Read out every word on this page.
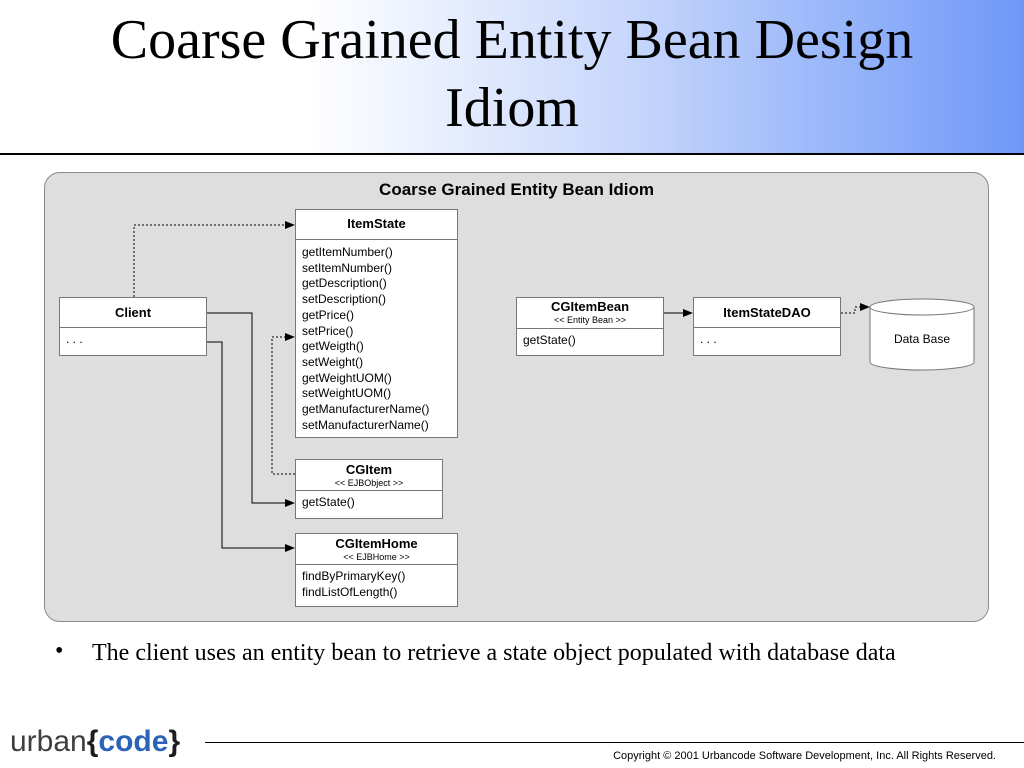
Coarse Grained Entity Bean Design
Idiom
Coarse Grained Entity Bean Idiom
Data Base
Client
. . .
ItemState
getItemNumber()
setItemNumber()
getDescription()
setDescription()
getPrice()
setPrice()
getWeigth()
setWeight()
getWeightUOM()
setWeightUOM()
getManufacturerName()
setManufacturerName()
CGItem
<< EJBObject >>
getState()
CGItemHome
<< EJBHome >>
findByPrimaryKey()
findListOfLength()
CGItemBean
<< Entity Bean >>
getState()
ItemStateDAO
. . .
• The client uses an entity bean to retrieve a state object populated with database data
urban{code}	Copyright © 2001 Urbancode Software Development, Inc. All Rights Reserved.
